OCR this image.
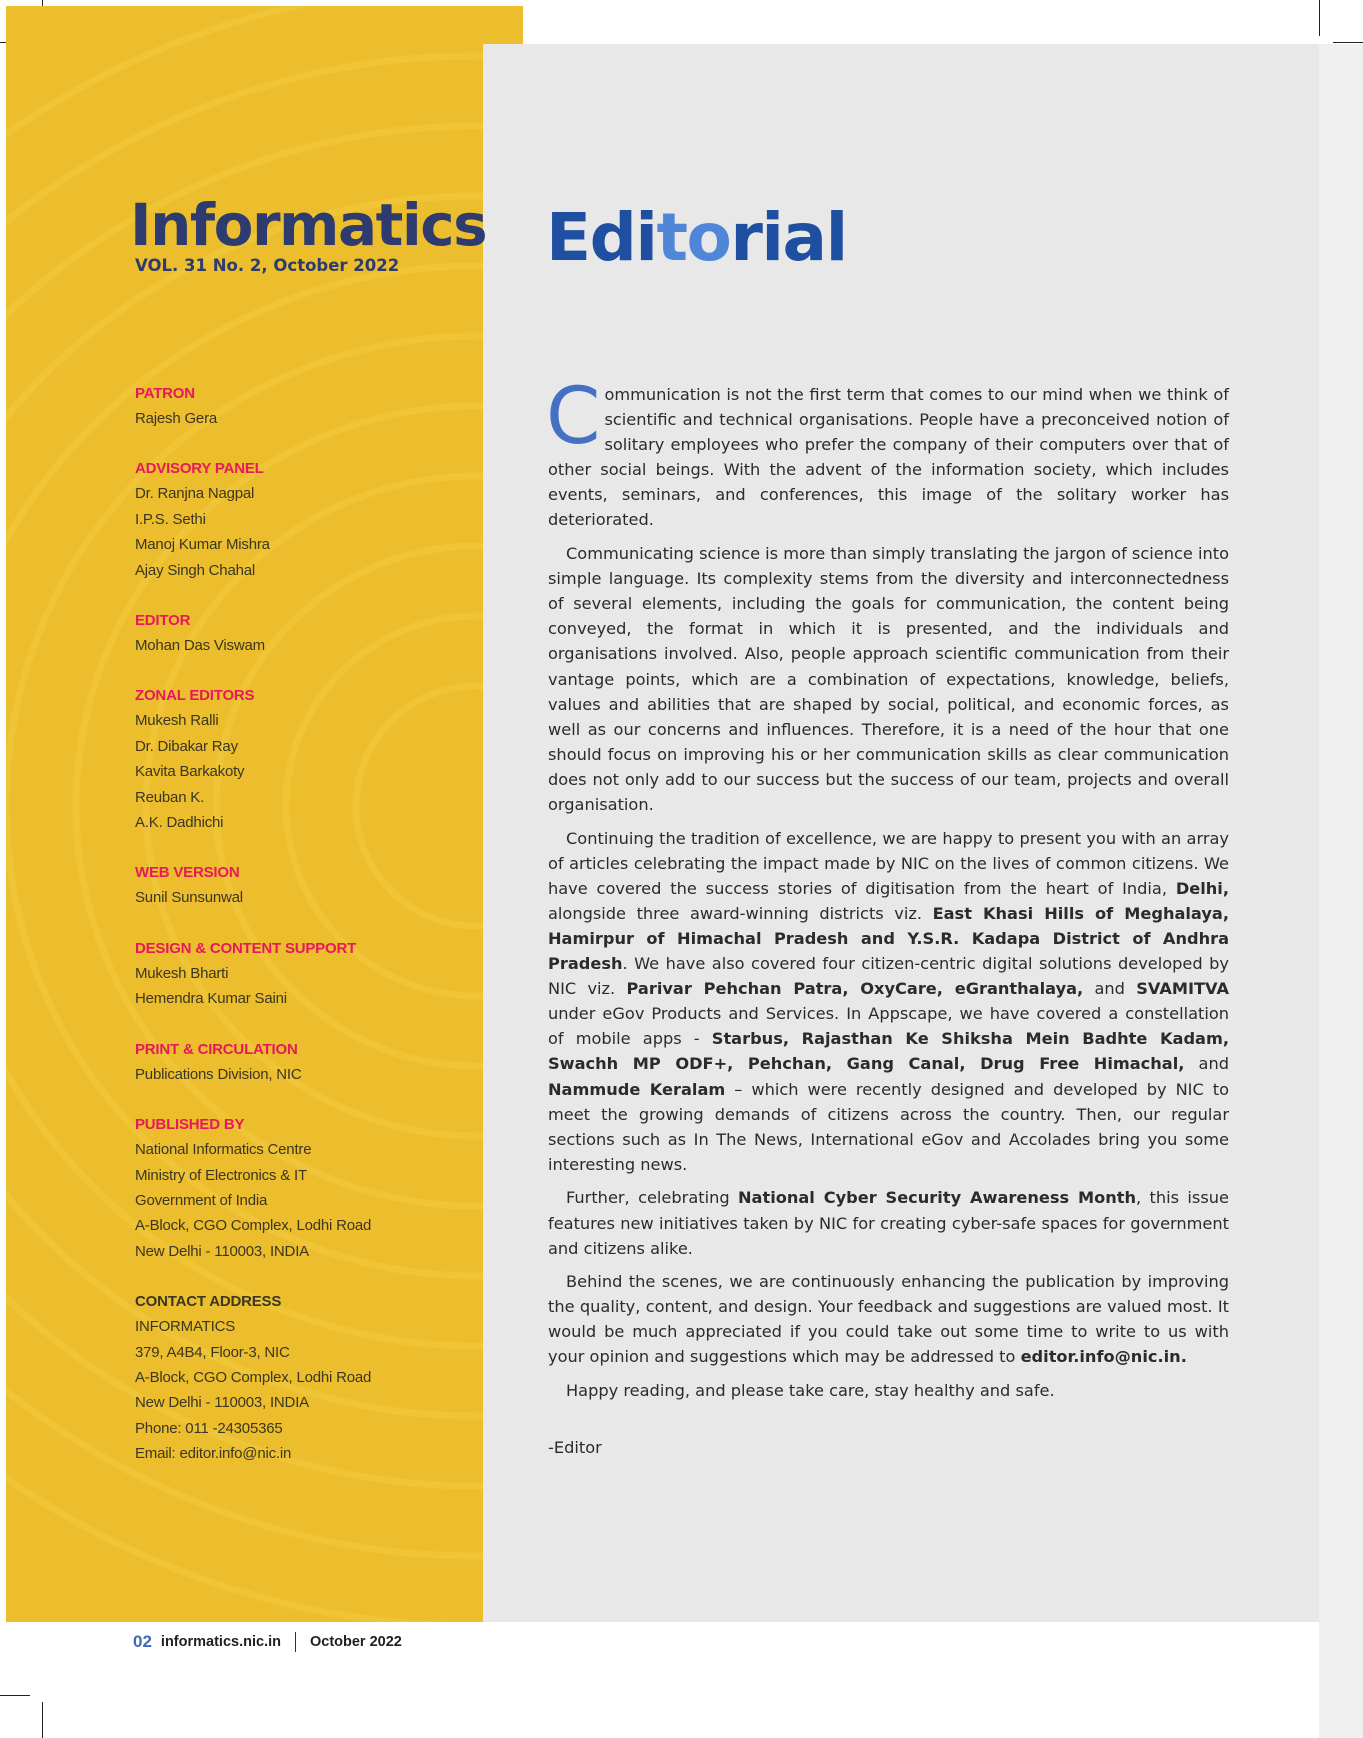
Informatics
VOL. 31 No. 2, October 2022
PATRON
Rajesh Gera
ADVISORY PANEL
Dr. Ranjna Nagpal
I.P.S. Sethi
Manoj Kumar Mishra
Ajay Singh Chahal
EDITOR
Mohan Das Viswam
ZONAL EDITORS
Mukesh Ralli
Dr. Dibakar Ray
Kavita Barkakoty
Reuban K.
A.K. Dadhichi
WEB VERSION
Sunil Sunsunwal
DESIGN & CONTENT SUPPORT
Mukesh Bharti
Hemendra Kumar Saini
PRINT & CIRCULATION
Publications Division, NIC
PUBLISHED BY
National Informatics Centre
Ministry of Electronics & IT
Government of India
A-Block, CGO Complex, Lodhi Road
New Delhi - 110003, INDIA
CONTACT ADDRESS
INFORMATICS
379, A4B4, Floor-3, NIC
A-Block, CGO Complex, Lodhi Road
New Delhi - 110003, INDIA
Phone: 011 -24305365
Email: editor.info@nic.in
Editorial

Communication is not the first term that comes to our mind when we think of scientific and technical organisations. People have a preconceived notion of solitary employees who prefer the company of their computers over that of other social beings. With the advent of the information society, which includes events, seminars, and conferences, this image of the solitary worker has deteriorated.

Communicating science is more than simply translating the jargon of science into simple language. Its complexity stems from the diversity and interconnectedness of several elements, including the goals for communication, the content being conveyed, the format in which it is presented, and the individuals and organisations involved. Also, people approach scientific communication from their vantage points, which are a combination of expectations, knowledge, beliefs, values and abilities that are shaped by social, political, and economic forces, as well as our concerns and influences. Therefore, it is a need of the hour that one should focus on improving his or her communication skills as clear communication does not only add to our success but the success of our team, projects and overall organisation.

Continuing the tradition of excellence, we are happy to present you with an array of articles celebrating the impact made by NIC on the lives of common citizens. We have covered the success stories of digitisation from the heart of India, Delhi, alongside three award-winning districts viz. East Khasi Hills of Meghalaya, Hamirpur of Himachal Pradesh and Y.S.R. Kadapa District of Andhra Pradesh. We have also covered four citizen-centric digital solutions developed by NIC viz. Parivar Pehchan Patra, OxyCare, eGranthalaya, and SVAMITVA under eGov Products and Services. In Appscape, we have covered a constellation of mobile apps - Starbus, Rajasthan Ke Shiksha Mein Badhte Kadam, Swachh MP ODF+, Pehchan, Gang Canal, Drug Free Himachal, and Nammude Keralam – which were recently designed and developed by NIC to meet the growing demands of citizens across the country. Then, our regular sections such as In The News, International eGov and Accolades bring you some interesting news.

Further, celebrating National Cyber Security Awareness Month, this issue features new initiatives taken by NIC for creating cyber-safe spaces for government and citizens alike.

Behind the scenes, we are continuously enhancing the publication by improving the quality, content, and design. Your feedback and suggestions are valued most. It would be much appreciated if you could take out some time to write to us with your opinion and suggestions which may be addressed to editor.info@nic.in.

Happy reading, and please take care, stay healthy and safe.

-Editor
02 informatics.nic.in October 2022
